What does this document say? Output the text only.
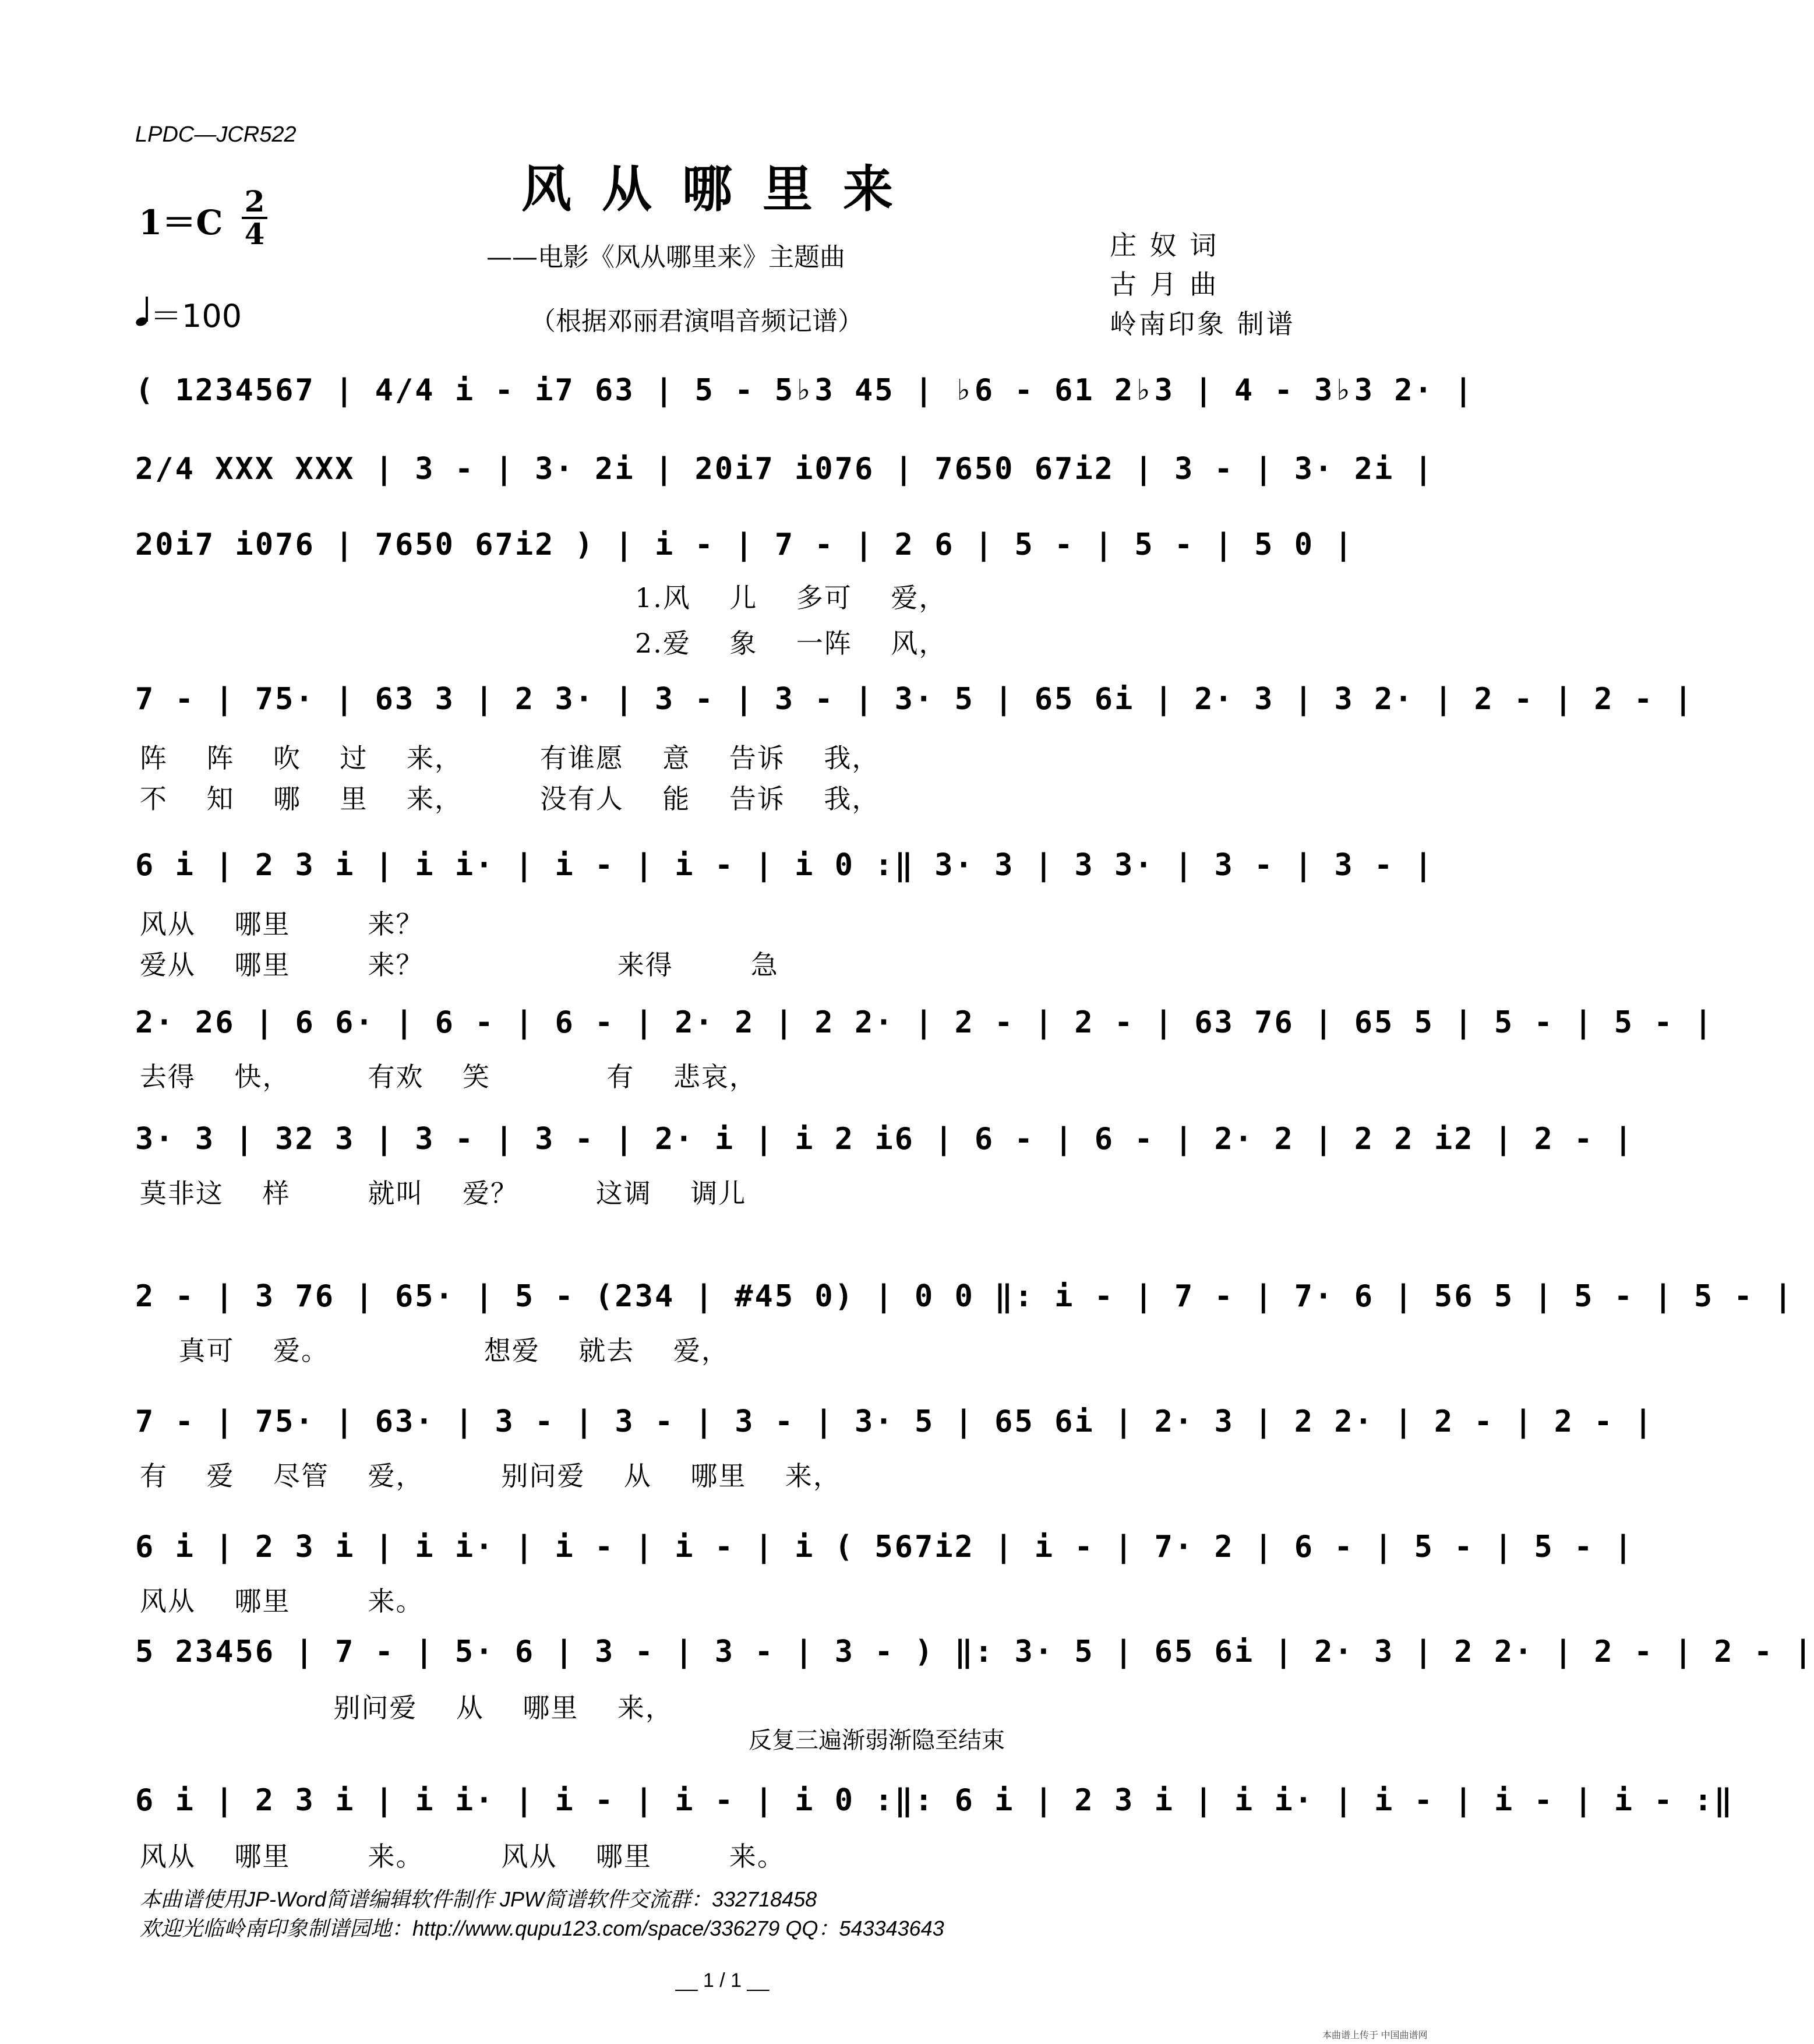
LPDC—JCR522
风从哪里来
——电影《风从哪里来》主题曲
（根据邓丽君演唱音频记谱）
庄 奴 词
古 月 曲
岭南印象 制谱
1＝C
2
4
＝100
( 1234567 | 4/4 i - i7 63 | 5 - 5♭3 45 | ♭6 - 61 2♭3 | 4 - 3♭3 2· |
2/4 XXX XXX | 3 - | 3· 2i | 20i7 i076 | 7650 67i2 | 3 - | 3· 2i |
20i7 i076 | 7650 67i2 ) | i - | 7 - | 2 6 | 5 - | 5 - | 5 0 |
1.风    儿    多可    爱，
2.爱    象    一阵    风，
7 - | 75· | 63 3 | 2 3· | 3 - | 3 - | 3· 5 | 65 6i | 2· 3 | 3 2· | 2 - | 2 - |
阵    阵    吹    过    来，        有谁愿    意    告诉    我，
不    知    哪    里    来，        没有人    能    告诉    我，
6 i | 2 3 i | i i· | i - | i - | i 0 :‖ 3· 3 | 3 3· | 3 - | 3 - |
风从    哪里        来？
爱从    哪里        来？                    来得        急
2· 26 | 6 6· | 6 - | 6 - | 2· 2 | 2 2· | 2 - | 2 - | 63 76 | 65 5 | 5 - | 5 - |
去得    快，        有欢    笑            有    悲哀，
3· 3 | 32 3 | 3 - | 3 - | 2· i | i 2 i6 | 6 - | 6 - | 2· 2 | 2 2 i2 | 2 - |
莫非这    样        就叫    爱？        这调    调儿
2 - | 3 76 | 65· | 5 - (234 | #45 0) | 0 0 ‖: i - | 7 - | 7· 6 | 56 5 | 5 - | 5 - |
真可    爱。                想爱    就去    爱，
7 - | 75· | 63· | 3 - | 3 - | 3 - | 3· 5 | 65 6i | 2· 3 | 2 2· | 2 - | 2 - |
有    爱    尽管    爱，        别问爱    从    哪里    来，
6 i | 2 3 i | i i· | i - | i - | i ( 567i2 | i - | 7· 2 | 6 - | 5 - | 5 - |
风从    哪里        来。
5 23456 | 7 - | 5· 6 | 3 - | 3 - | 3 - ) ‖: 3· 5 | 65 6i | 2· 3 | 2 2· | 2 - | 2 - |
别问爱    从    哪里    来，
反复三遍渐弱渐隐至结束
6 i | 2 3 i | i i· | i - | i - | i 0 :‖: 6 i | 2 3 i | i i· | i - | i - | i - :‖
风从    哪里        来。        风从    哪里        来。
本曲谱使用JP-Word简谱编辑软件制作 JPW简谱软件交流群：332718458
欢迎光临岭南印象制谱园地：http://www.qupu123.com/space/336279 QQ：543343643
__ 1 / 1 __
本曲谱上传于 中国曲谱网
